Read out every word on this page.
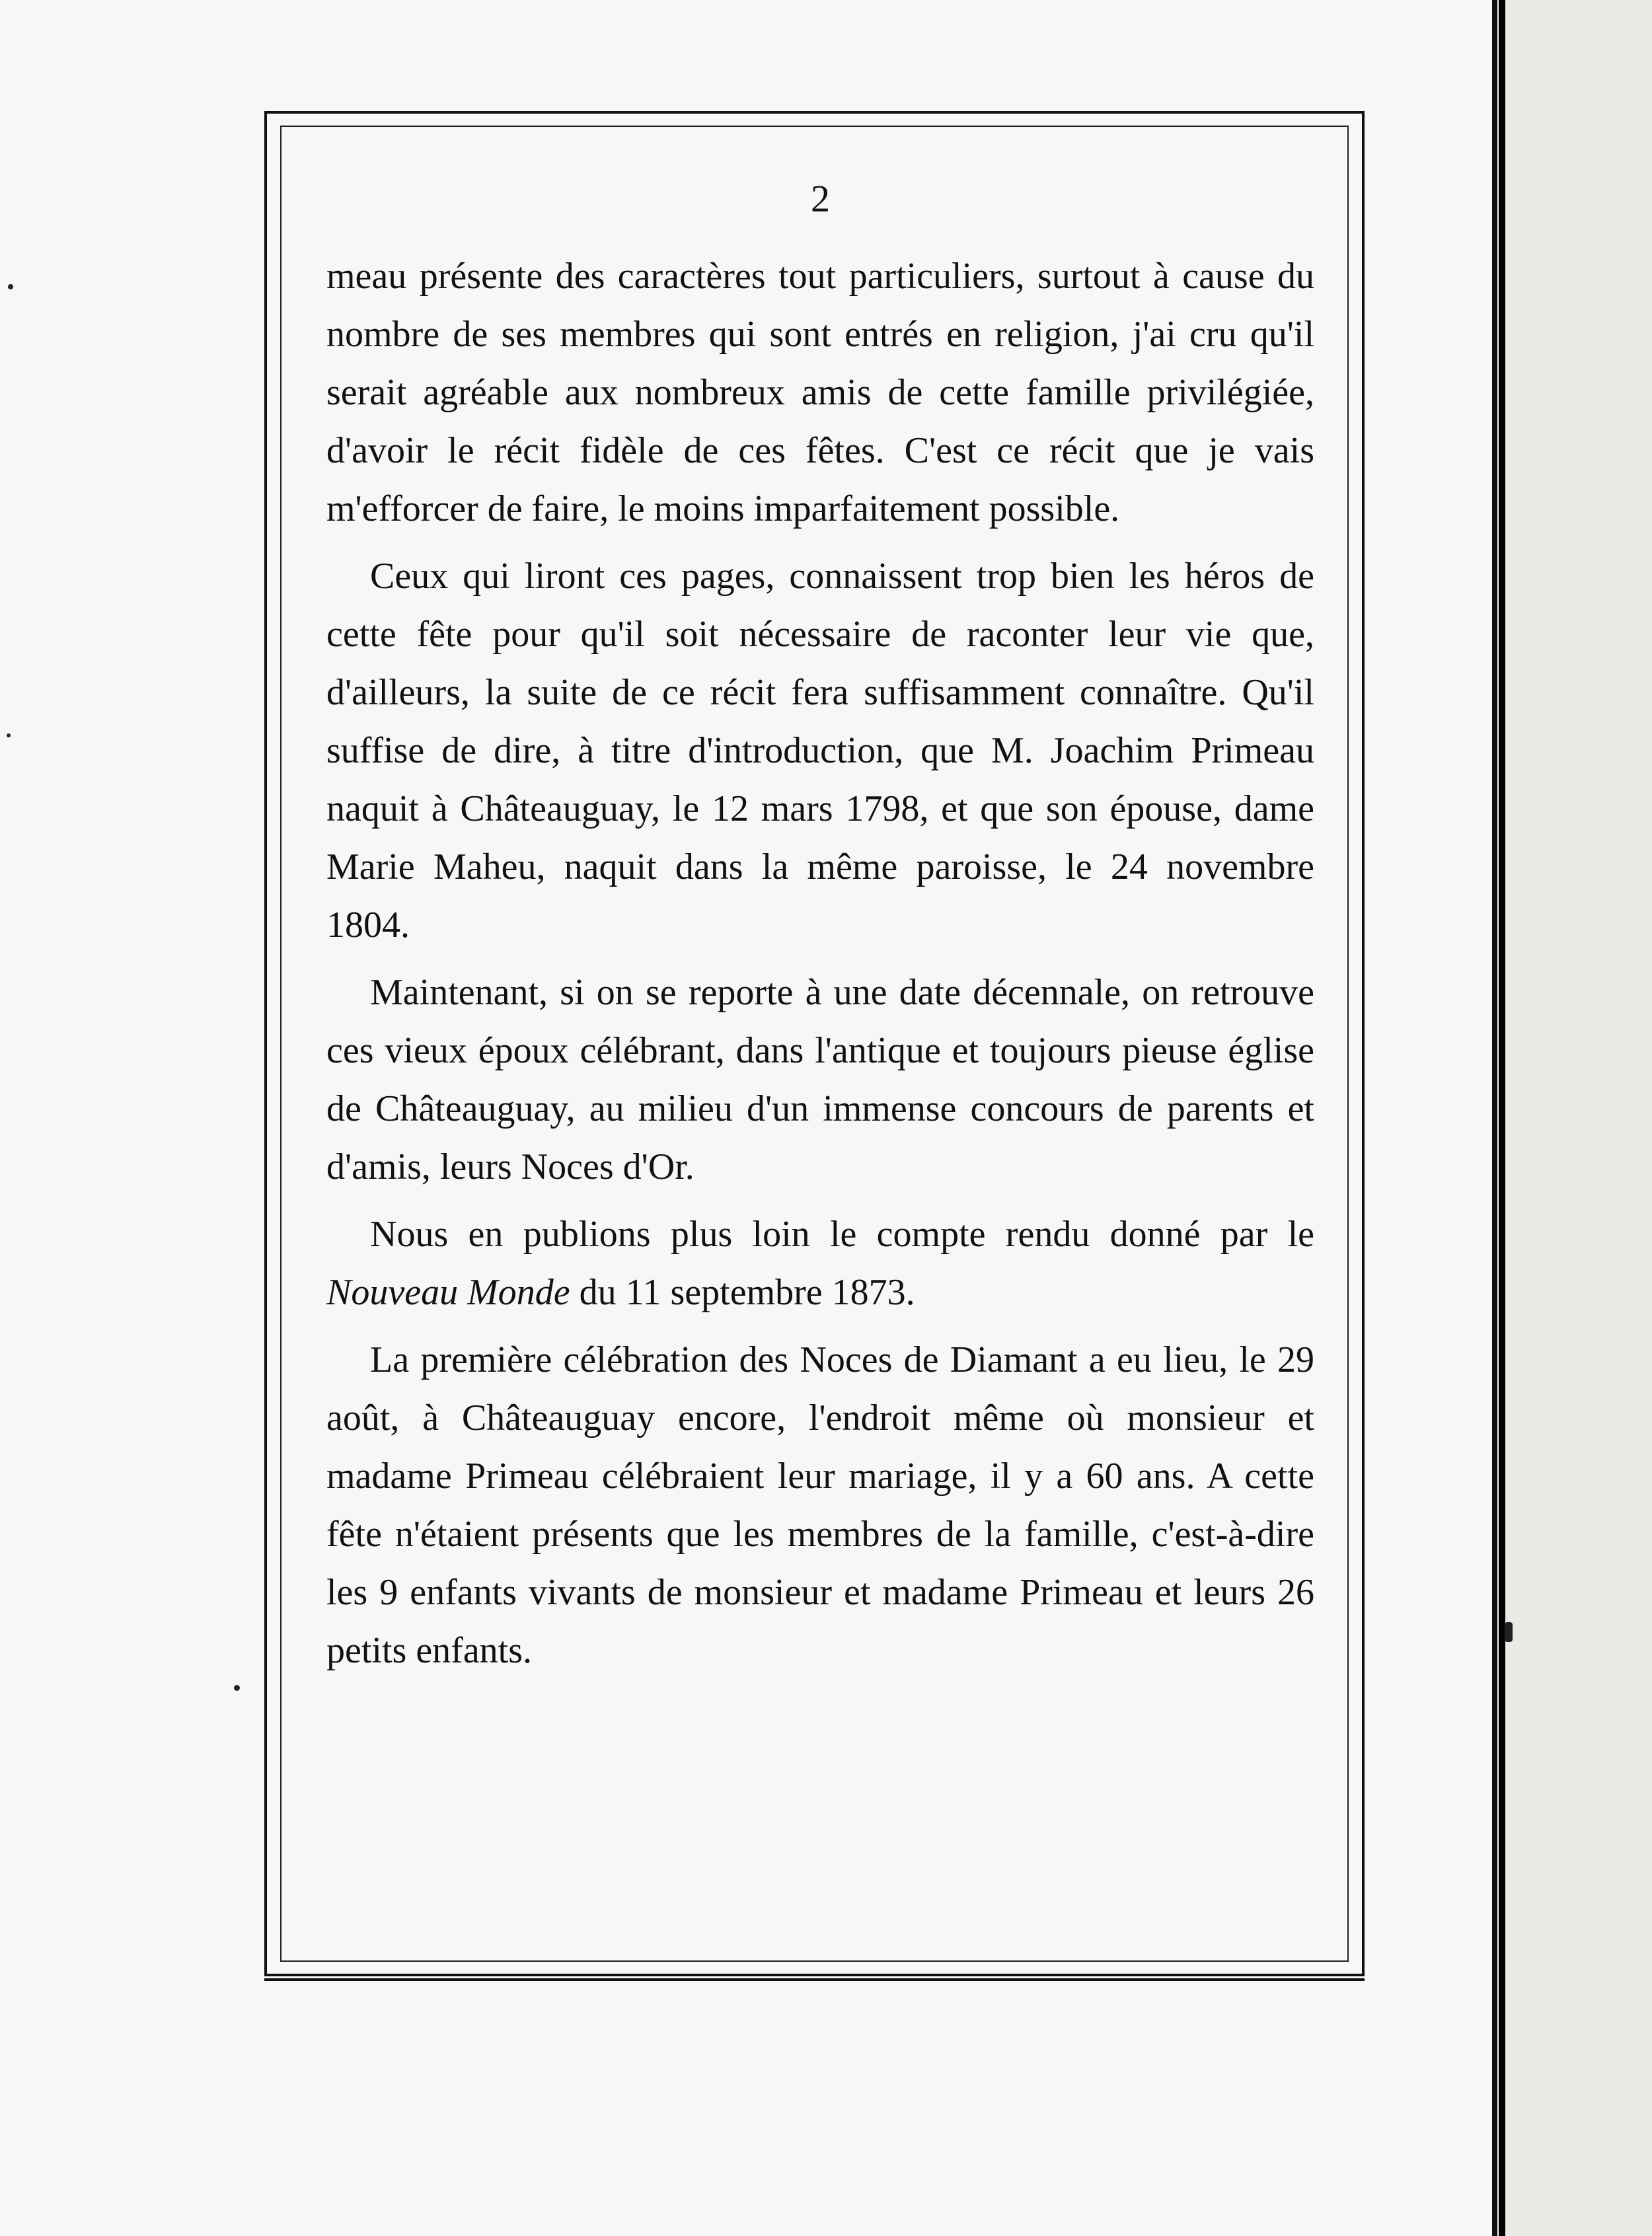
2

meau présente des caractères tout particuliers, surtout à cause du nombre de ses membres qui sont entrés en religion, j'ai cru qu'il serait agréable aux nombreux amis de cette famille privilégiée, d'avoir le récit fidèle de ces fêtes. C'est ce récit que je vais m'efforcer de faire, le moins imparfaitement possible.

Ceux qui liront ces pages, connaissent trop bien les héros de cette fête pour qu'il soit nécessaire de raconter leur vie que, d'ailleurs, la suite de ce récit fera suffisamment connaître. Qu'il suffise de dire, à titre d'introduction, que M. Joachim Primeau naquit à Châteauguay, le 12 mars 1798, et que son épouse, dame Marie Maheu, naquit dans la même paroisse, le 24 novembre 1804.

Maintenant, si on se reporte à une date décennale, on retrouve ces vieux époux célébrant, dans l'antique et toujours pieuse église de Châteauguay, au milieu d'un immense concours de parents et d'amis, leurs Noces d'Or.

Nous en publions plus loin le compte rendu donné par le Nouveau Monde du 11 septembre 1873.

La première célébration des Noces de Diamant a eu lieu, le 29 août, à Châteauguay encore, l'endroit même où monsieur et madame Primeau célébraient leur mariage, il y a 60 ans. A cette fête n'étaient présents que les membres de la famille, c'est-à-dire les 9 enfants vivants de monsieur et madame Primeau et leurs 26 petits enfants.
